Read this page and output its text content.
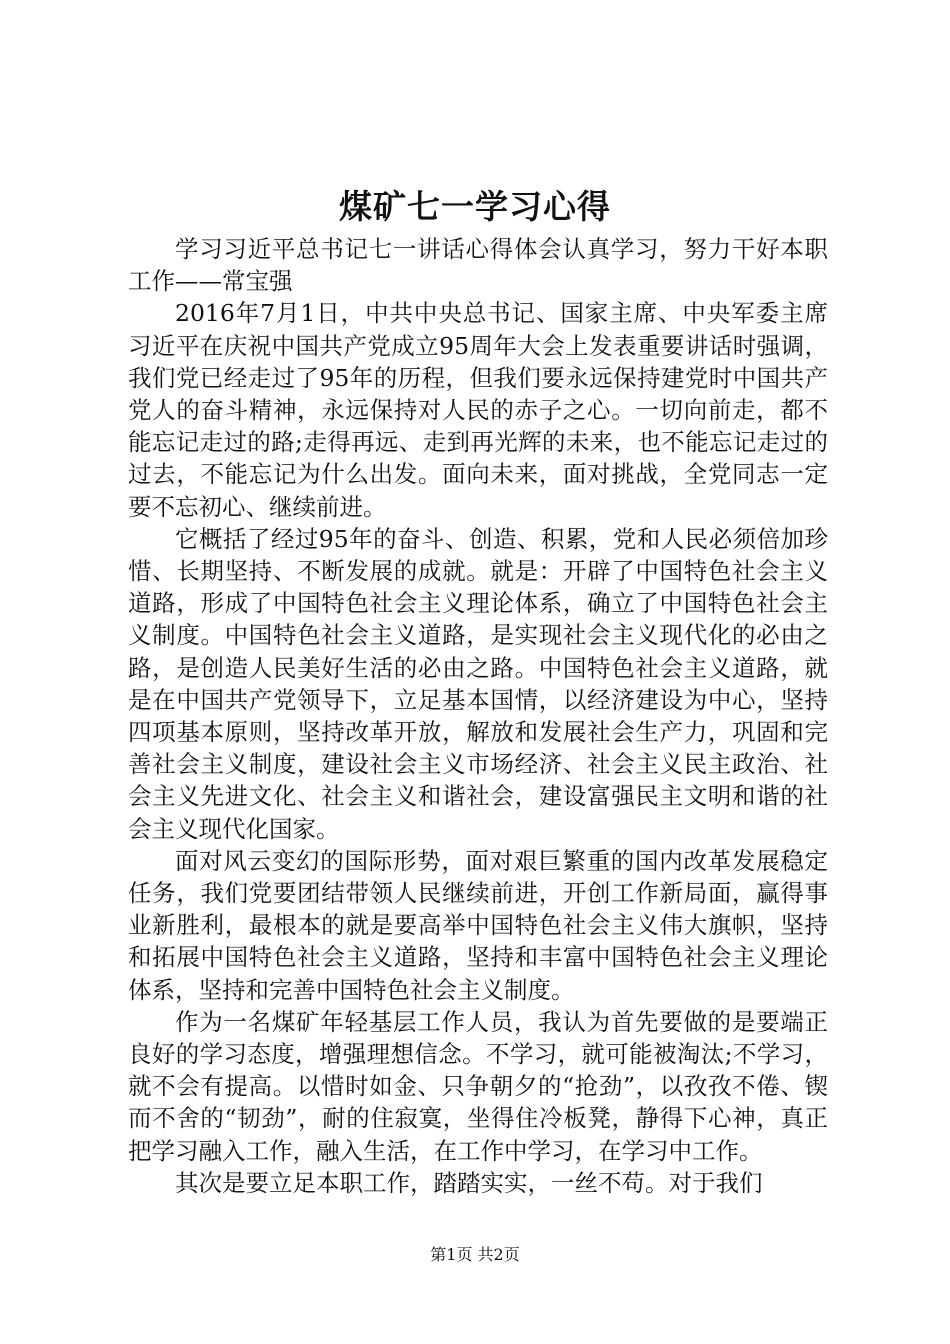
煤矿七一学习心得

学习习近平总书记七一讲话心得体会认真学习，努力干好本职工作——常宝强

2016年7月1日，中共中央总书记、国家主席、中央军委主席习近平在庆祝中国共产党成立95周年大会上发表重要讲话时强调，我们党已经走过了95年的历程，但我们要永远保持建党时中国共产党人的奋斗精神，永远保持对人民的赤子之心。一切向前走，都不能忘记走过的路;走得再远、走到再光辉的未来，也不能忘记走过的过去，不能忘记为什么出发。面向未来，面对挑战，全党同志一定要不忘初心、继续前进。

它概括了经过95年的奋斗、创造、积累，党和人民必须倍加珍惜、长期坚持、不断发展的成就。就是：开辟了中国特色社会主义道路，形成了中国特色社会主义理论体系，确立了中国特色社会主义制度。中国特色社会主义道路，是实现社会主义现代化的必由之路，是创造人民美好生活的必由之路。中国特色社会主义道路，就是在中国共产党领导下，立足基本国情，以经济建设为中心，坚持四项基本原则，坚持改革开放，解放和发展社会生产力，巩固和完善社会主义制度，建设社会主义市场经济、社会主义民主政治、社会主义先进文化、社会主义和谐社会，建设富强民主文明和谐的社会主义现代化国家。

面对风云变幻的国际形势，面对艰巨繁重的国内改革发展稳定任务，我们党要团结带领人民继续前进，开创工作新局面，赢得事业新胜利，最根本的就是要高举中国特色社会主义伟大旗帜，坚持和拓展中国特色社会主义道路，坚持和丰富中国特色社会主义理论体系，坚持和完善中国特色社会主义制度。

作为一名煤矿年轻基层工作人员，我认为首先要做的是要端正良好的学习态度，增强理想信念。不学习，就可能被淘汰;不学习，就不会有提高。以惜时如金、只争朝夕的“抢劲”，以孜孜不倦、锲而不舍的“韧劲”，耐的住寂寞，坐得住冷板凳，静得下心神，真正把学习融入工作，融入生活，在工作中学习，在学习中工作。

其次是要立足本职工作，踏踏实实，一丝不苟。对于我们

第1页 共2页
